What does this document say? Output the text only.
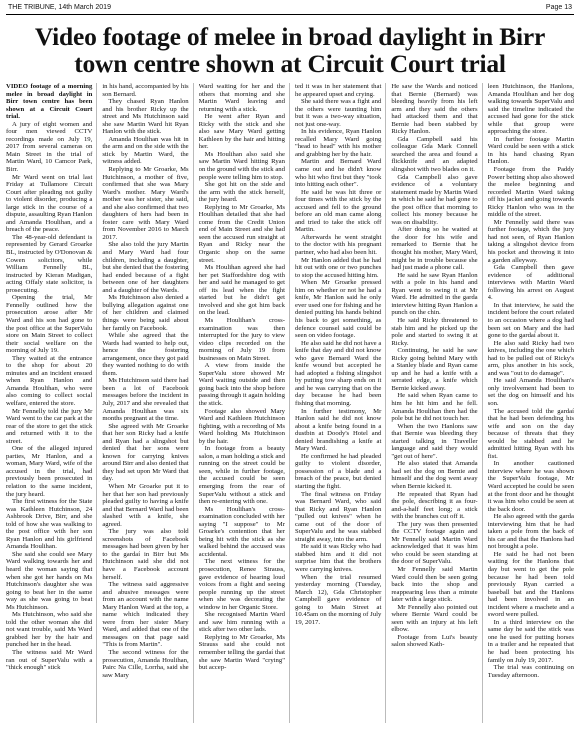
THE TRIBUNE, 14th March 2019	Page 13
Video footage of melee in broad daylight in Birr town centre shown at Circuit Court trial

VIDEO footage of a morning melee in broad daylight in Birr town centre has been shown at a Circuit Court trial.

A jury of eight women and four men viewed CCTV recordings made on July 19, 2017 from several cameras on Main Street in the trial of Martin Ward, 10 Camcor Park, Birr.

Mr Ward went on trial last Friday at Tullamore Circuit Court after pleading not guilty to violent disorder, producing a large stick in the course of a dispute, assaulting Ryan Hanlon and Amanda Houlihan, and a breach of the peace.

The 48-year-old defendant is represented by Gerard Groarke BL, instructed by O'Donovan & Cowen solicitors, while William Fennelly BL, instructed by Kieran Madigan, acting Offaly state solicitor, is prosecuting.

Opening the trial, Mr Fennelly outlined how the prosecution arose after Mr Ward and his son had gone to the post office at the SuperValu store on Main Street to collect their social welfare on the morning of July 19.

They waited at the entrance to the shop for about 20 minutes and an incident ensued when Ryan Hanlon and Amanda Houlihan, who were also coming to collect social welfare, entered the store.

Mr Fennelly told the jury Mr Ward went to the car park at the rear of the store to get the stick and returned with it to the street.

One of the alleged injured parties, Mr Hanlon, and a woman, Mary Ward, wife of the accused in the trial, had previously been prosecuted in relation to the same incident, the jury heard.

The first witness for the State was Kathleen Hutchinson, 24 Ashbrook Drive, Birr, and she told of how she was walking to the post office with her son Ryan Hanlon and his girlfriend Amanda Houlihan.

She said she could see Mary Ward walking towards her and heard the woman saying that when she got her hands on Ms Hutchinson's daughter she was going to beat her in the same way as she was going to beat Ms Hutchinson.

Ms Hutchinson, who said she told the other woman she did not want trouble, said Ms Ward grabbed her by the hair and punched her in the head.

The witness said Mr Ward ran out of SuperValu with a "thick enough" stick

in his hand, accompanied by his son Bernard.

They chased Ryan Hanlon and his brother Ricky up the street and Ms Hutchinson said she saw Martin Ward hit Ryan Hanlon with the stick.

Amanda Houlihan was hit in the arm and on the side with the stick by Martin Ward, the witness added.

Replying to Mr Groarke, Ms Hutchinson, a mother of five, confirmed that she was Mary Ward's mother. Mary Ward's mother was her sister, she said, and she also confirmed that two daughters of hers had been in foster care with Mary Ward from November 2016 to March 2017.

She also told the jury Martin and Mary Ward had four children, including a daughter, but she denied that the fostering had ended because of a fight between one of her daughters and a daughter of the Wards.

Ms Hutchinson also denied a bullying allegation against one of her children and claimed things were being said about her family on Facebook.

While she agreed that the Wards had wanted to help out, hence the fostering arrangement, once they got paid they wanted nothing to do with them.

Ms Hutchinson said there had been a lot of Facebook messages before the incident in July, 2017 and she revealed that Amanda Houlihan was six months pregnant at the time.

She agreed with Mr Groarke that her son Ricky had a knife and Ryan had a slingshot but denied that her sons were known for carrying knives around Birr and also denied that they had set upon Mr Ward that day.

When Mr Groarke put it to her that her son had previously pleaded guilty to having a knife and that Bernard Ward had been slashed with a knife, she agreed.

The jury was also told screenshots of Facebook messages had been given by her to the gardaí in Birr but Ms Hutchinson said she did not have a Facebook account herself.

The witness said aggressive and abusive messages were from an account with the name Mary Hanlon Ward at the top, a name which indicated they were from her sister Mary Ward, and added that one of the messages on that page said "This is from Martin".

The second witness for the prosecution, Amanda Houlihan, Pairc Na Cille, Lorrha, said she saw Mary

Ward waiting for her and the others that morning and she Martin Ward leaving and returning with a stick.

He went after Ryan and Ricky with the stick and she also saw Mary Ward getting Kathleen by the hair and hitting her.

Ms Houlihan also said she saw Martin Ward hitting Ryan on the ground with the stick and people were telling him to stop.

She got hit on the side and the arm with the stick herself, the jury heard.

Replying to Mr Groarke, Ms Houlihan detailed that she had come from the Credit Union end of Main Street and she had seen the accused run straight at Ryan and Ricky near the Organic shop on the same street.

Ms Houlihan agreed she had her pet Staffordshire dog with her and said he managed to get off its lead when the fight started but he didn't get involved and she got him back on the lead.

Ms Houlihan's cross-examination was then interrupted for the jury to view video clips recorded on the morning of July 19 from businesses on Main Street.

A view from inside the SuperValu store showed Mr Ward waiting outside and then going back into the shop before passing through it again holding the stick.

Footage also showed Mary Ward and Kathleen Hutchinson fighting, with a recording of Ms Ward holding Ms Hutchinson by the hair.

In footage from a beauty salon, a man holding a stick and running on the street could be seen, while in further footage, the accused could be seen emerging from the rear of SuperValu without a stick and then re-entering with one.

Ms Houlihan's cross-examination concluded with her saying "I suppose" to Mr Groarke's contention that her being hit with the stick as she walked behind the accused was accidental.

The next witness for the prosecution, Renee Strauss, gave evidence of hearing loud voices from a fight and seeing people running up the street when she was decorating the window in her Organic Store.

She recognised Martin Ward and saw him running with a stick after two other lads.

Replying to Mr Groarke, Ms Strauss said she could not remember telling the gardaí that she saw Martin Ward "crying" but accep-

ted it was in her statement that he appeared upset and crying.

She said there was a fight and the others were taunting him but it was a two-way situation, not just one-way.

In his evidence, Ryan Hanlon recalled Mary Ward going "head to head" with his mother and grabbing her by the hair.

Martin and Bernard Ward came out and he didn't know who hit who first but they "took into hitting each other".

He said he was hit three or four times with the stick by the accused and fell to the ground before an old man came along and tried to take the stick off Martin.

Afterwards he went straight to the doctor with his pregnant partner, who had also been hit.

Mr Hanlon added that he had hit out with one or two punches to stop the accused hitting him.

When Mr Groarke pressed him on whether or not he had a knife, Mr Hanlon said he only ever used one for fishing and he denied putting his hands behind his back to get something, as defence counsel said could be seen on video footage.

He also said he did not have a knife that day and did not know who gave Bernard Ward the knife wound but accepted he had adopted a fishing slingshot by putting tow sharp ends on it and he was carrying that on the day because he had been fishing that morning.

In further testimony, Mr Hanlon said he did not know about a knife being found in a dustbin at Doody's Hotel and denied brandishing a knife at Mary Ward.

He confirmed he had pleaded guilty to violent disorder, possession of a blade and a breach of the peace, but denied starting the fight.

The final witness on Friday was Bernard Ward, who said that Ricky and Ryan Hanlon "pulled out knives" when he came out of the door of SuperValu and he was stabbed straight away, into the arm.

He said it was Ricky who had stabbed him and it did not surprise him that the brothers were carrying knives.

When the trial resumed yesterday morning (Tuesday, March 12), Gda Christopher Campbell gave evidence of going to Main Street at 10.45am on the morning of July 19, 2017.

He saw the Wards and noticed that Bernie (Bernard) was bleeding heavily from his left arm and they said the others had attacked them and that Bernie had been stabbed by Ricky Hanlon.

Gda Campbell said his colleague Gda Mark Connell searched the area and found a flickknife and an adapted slingshot with two blades on it.

Gda Campbell also gave evidence of a voluntary statement made by Martin Ward in which he said he had gone to the post office that morning to collect his money because he was on disability.

After doing so he waited at the door for his wife and remarked to Bernie that he thought his mother, Mary Ward, might be in trouble because she had just made a phone call.

He said he saw Ryan Hanlon with a pole in his hand and Ryan went to swing it at Mr Ward. He admitted in the garda interview hitting Ryan Hanlon a punch on the chin.

He said Ricky threatened to stab him and he picked up the pole and started to swing it at Ricky.

Continuing, he said he saw Ricky going behind Mary with a Stanley blade and Ryan came up and he had a knife with a serrated edge, a knife which Bernie kicked away.

He said when Ryan came to him he hit him and he fell. Amanda Houlihan then had the pole but he did not touch her.

When the two Hanlons saw that Bernie was bleeding they started talking in Traveller language and said they would "get out of here".

He also stated that Amanda had set the dog on Bernie and himself and the dog went away when Bernie kicked it.

He repeated that Ryan had the pole, describing it as four-and-a-half feet long; a stick with the branches cut off it.

The jury was then presented the CCTV footage again and Mr Fennelly said Martin Ward acknowledged that it was him who could be seen standing at the door of SuperValu.

Mr Fennelly said Martin Ward could then be seen going back into the shop and reappearing less than a minute later with a large stick.

Mr Fennelly also pointed out where Bernie Ward could be seen with an injury at his left elbow.

Footage from Lui's beauty salon showed Kath-

leen Hutchinson, the Hanlons, Amanda Houlihan and her dog walking towards SuperValu and said the timeline indicated the accused had gone for the stick while that group were approaching the store.

In further footage Martin Ward could be seen with a stick in his hand chasing Ryan Hanlon.

Footage from the Paddy Power betting shop also showed the melee beginning and recorded Martin Ward taking off his jacket and going towards Ricky Hanlon who was in the middle of the street.

Mr Fennelly said there was further footage, which the jury had not seen, of Ryan Hanlon taking a slingshot device from his pocket and throwing it into a garden alleyway.

Gda Campbell then gave evidence of additional interviews with Martin Ward following his arrest on August 4.

In that interview, he said the incident before the court related to an occasion where a dog had been set on Mary and the had gone to the gardaí about it.

He also said Ricky had two knives, including the one which had to be pulled out of Ricky's arm, plus another in his sock, and was "out to do damage".

He said Amanda Houlihan's only involvement had been to set the dog on himself and his son.

The accused told the gardaí that he had been defending his wife and son on the day because of threats that they would be stabbed and he admitted hitting Ryan with his fist.

In another cautioned interview where he was shown the SuperValu footage, Mr Ward accepted he could be seen at the front door and he thought it was him who could be seen at the back door.

He also agreed with the garda interviewing him that he had taken a pole from the back of his car and that the Hanlons had not brought a pole.

He said he had not been waiting for the Hanlons that day but went to get the pole because he had been told previously Ryan carried a baseball bat and the Hanlons had been involved in an incident where a machete and a sword were pulled.

In a third interview on the same day he said the stick was one he used for putting horses in a trailer and he repeated that he had been protecting his family on July 19, 2017.

The trial was continuing on Tuesday afternoon.
